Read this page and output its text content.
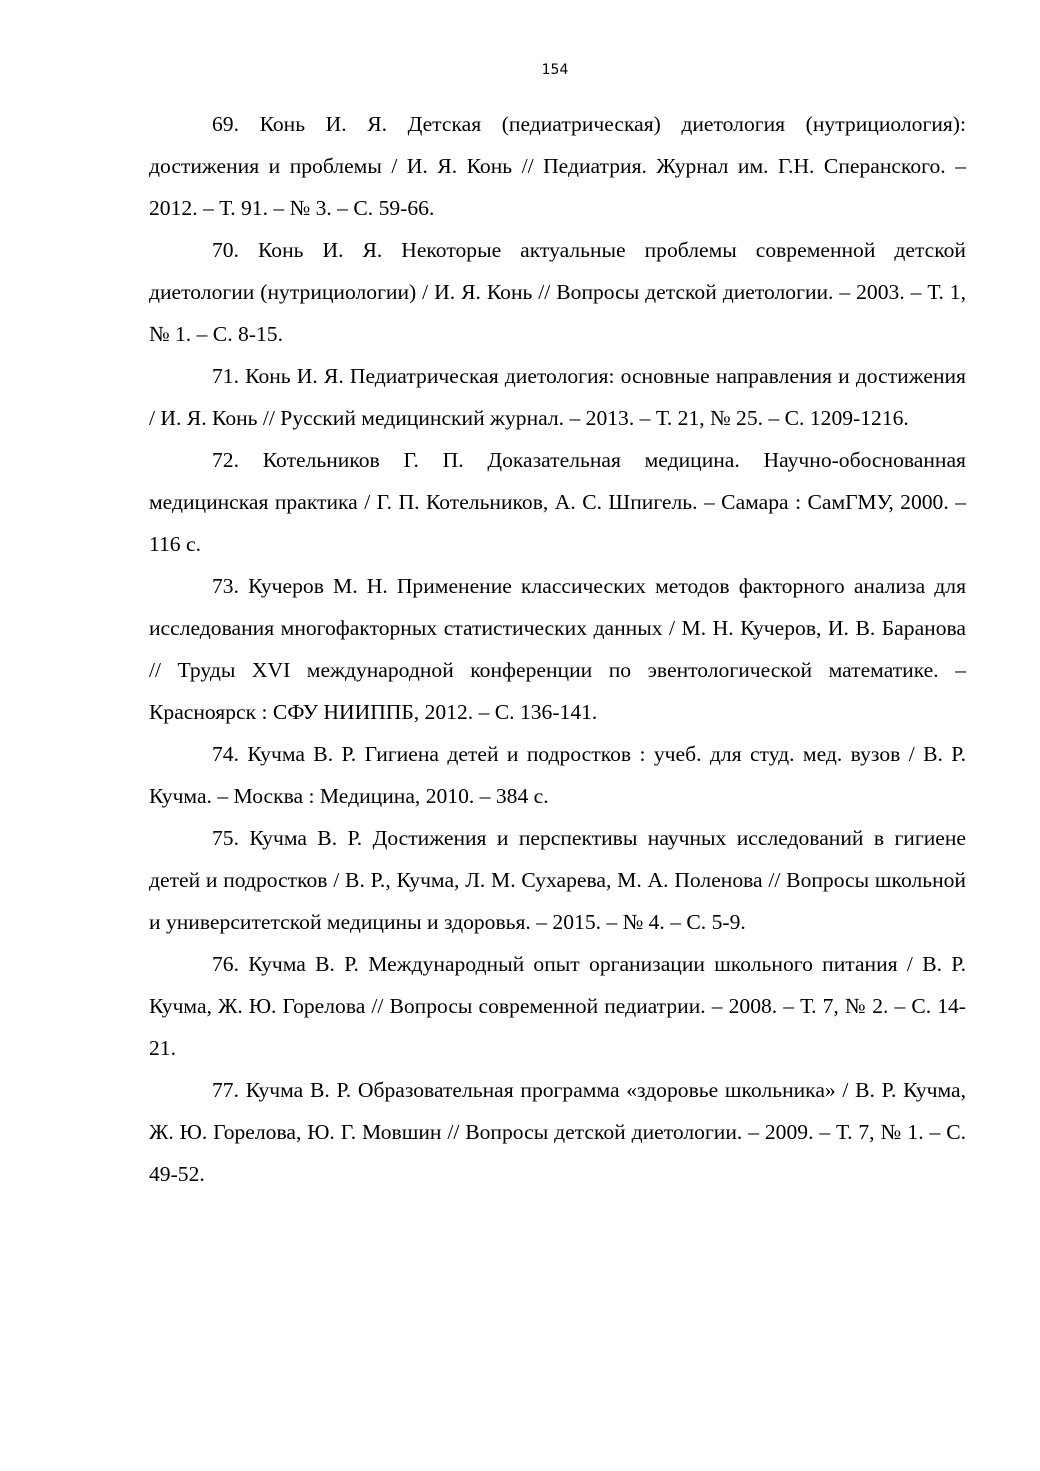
154

69. Конь И. Я. Детская (педиатрическая) диетология (нутрициология): достижения и проблемы / И. Я. Конь // Педиатрия. Журнал им. Г.Н. Сперанского. – 2012. – Т. 91. – № 3. – С. 59-66.

70. Конь И. Я. Некоторые актуальные проблемы современной детской диетологии (нутрициологии) / И. Я. Конь // Вопросы детской диетологии. – 2003. – Т. 1, № 1. – С. 8-15.

71. Конь И. Я. Педиатрическая диетология: основные направления и достижения / И. Я. Конь // Русский медицинский журнал. – 2013. – Т. 21, № 25. – С. 1209-1216.

72. Котельников Г. П. Доказательная медицина. Научно-обоснованная медицинская практика / Г. П. Котельников, А. С. Шпигель. – Самара : СамГМУ, 2000. – 116 с.

73. Кучеров М. Н. Применение классических методов факторного анализа для исследования многофакторных статистических данных / М. Н. Кучеров, И. В. Баранова // Труды XVI международной конференции по эвентологической математике. – Красноярск : СФУ НИИППБ, 2012. – С. 136-141.

74. Кучма В. Р. Гигиена детей и подростков : учеб. для студ. мед. вузов / В. Р. Кучма. – Москва : Медицина, 2010. – 384 с.

75. Кучма В. Р. Достижения и перспективы научных исследований в гигиене детей и подростков / В. Р., Кучма, Л. М. Сухарева, М. А. Поленова // Вопросы школьной и университетской медицины и здоровья. – 2015. – № 4. – С. 5-9.

76. Кучма В. Р. Международный опыт организации школьного питания / В. Р. Кучма, Ж. Ю. Горелова // Вопросы современной педиатрии. – 2008. – Т. 7, № 2. – С. 14-21.

77. Кучма В. Р. Образовательная программа «здоровье школьника» / В. Р. Кучма, Ж. Ю. Горелова, Ю. Г. Мовшин // Вопросы детской диетологии. – 2009. – Т. 7, № 1. – С. 49-52.
